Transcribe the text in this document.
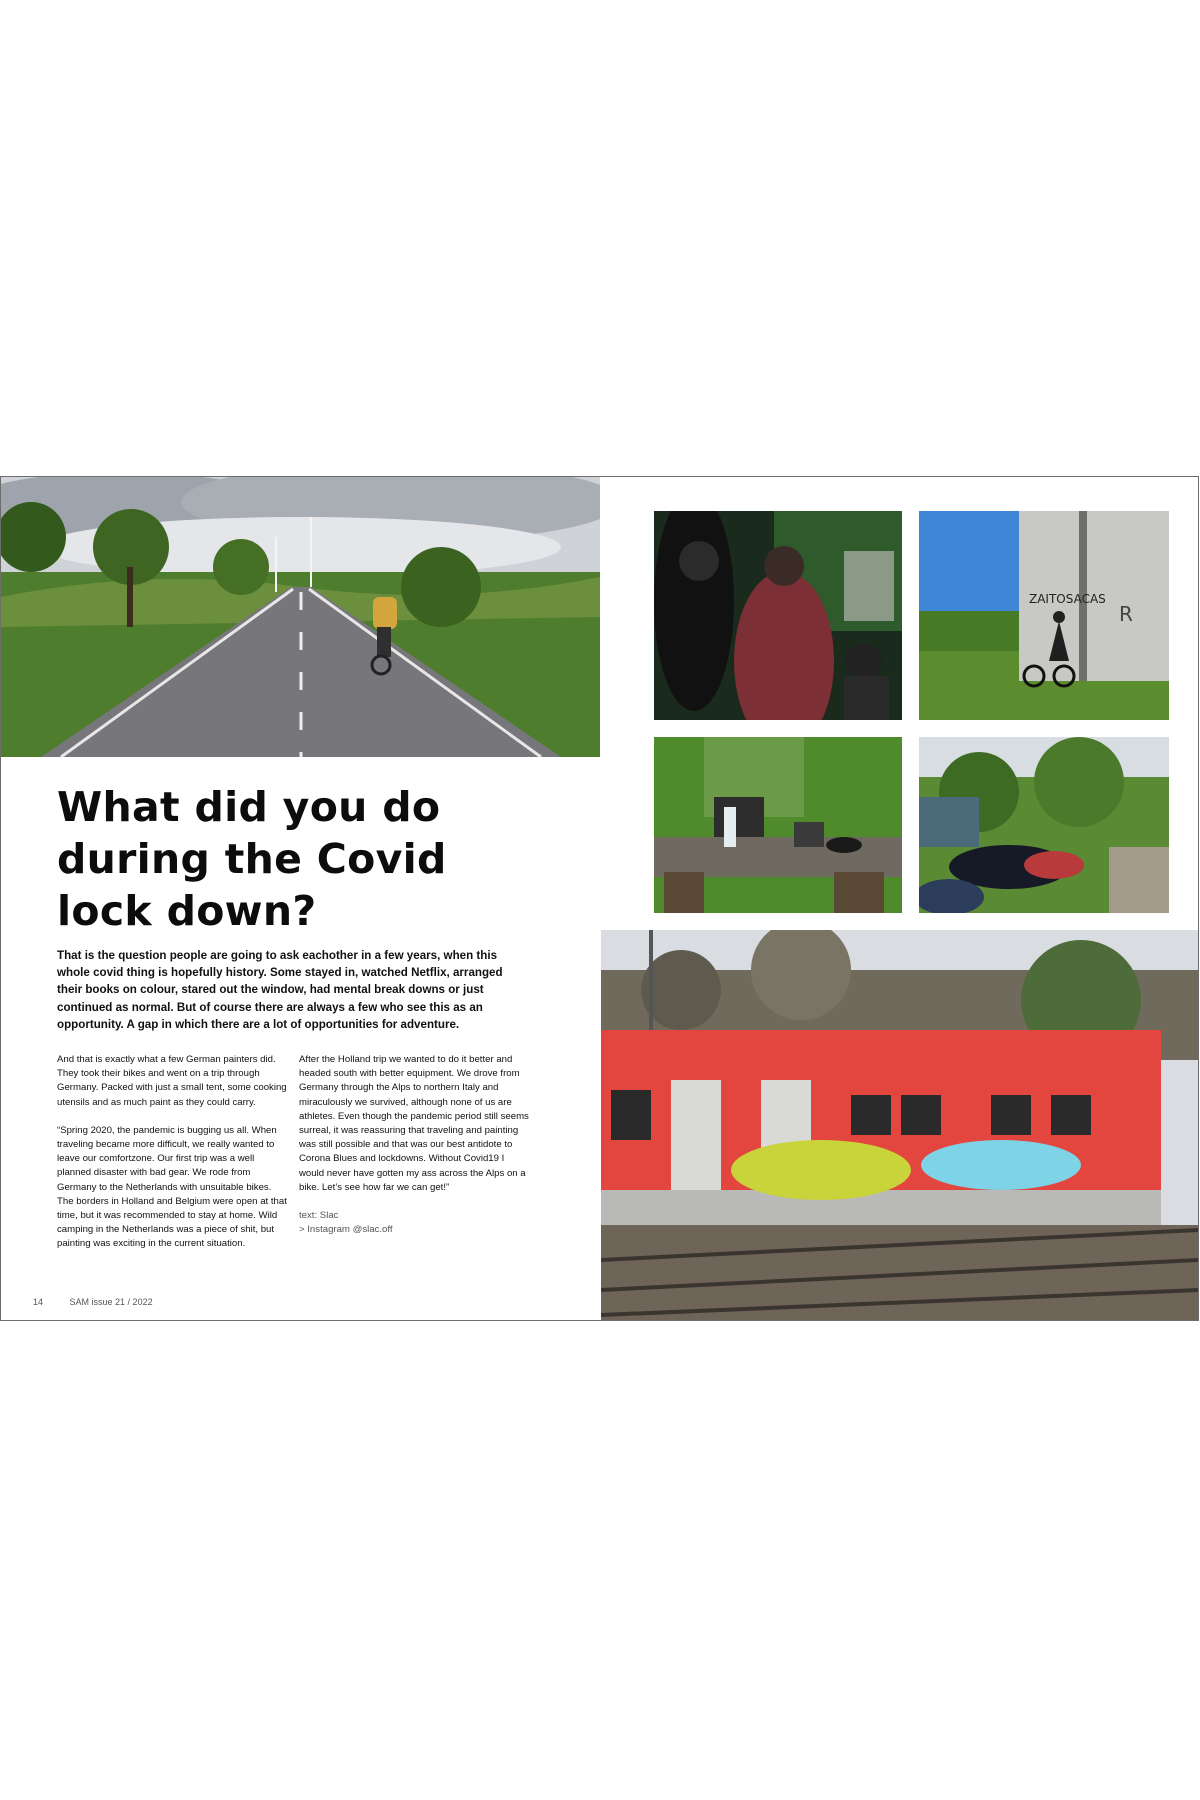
ZAITOSACAS
R
What did you do
during the Covid
lock down?

That is the question people are going to ask eachother in a few years, when this whole covid thing is hopefully history. Some stayed in, watched Netflix, arranged their books on colour, stared out the window, had mental break downs or just continued as normal. But of course there are always a few who see this as an opportunity. A gap in which there are a lot of opportunities for adventure.

And that is exactly what a few German painters did. They took their bikes and went on a trip through Germany. Packed with just a small tent, some cooking utensils and as much paint as they could carry.

“Spring 2020, the pandemic is bugging us all. When traveling became more difficult, we really wanted to leave our comfortzone. Our first trip was a well planned disaster with bad gear. We rode from Germany to the Netherlands with unsuitable bikes. The borders in Holland and Belgium were open at that time, but it was recommended to stay at home. Wild camping in the Netherlands was a piece of shit, but painting was exciting in the current situation.

After the Holland trip we wanted to do it better and headed south with better equipment. We drove from Germany through the Alps to northern Italy and miraculously we survived, although none of us are athletes. Even though the pandemic period still seems surreal, it was reassuring that traveling and painting was still possible and that was our best antidote to Corona Blues and lockdowns. Without Covid19 I would never have gotten my ass across the Alps on a bike. Let’s see how far we can get!”

text: Slac
> Instagram @slac.off
14	SAM issue 21 / 2022
